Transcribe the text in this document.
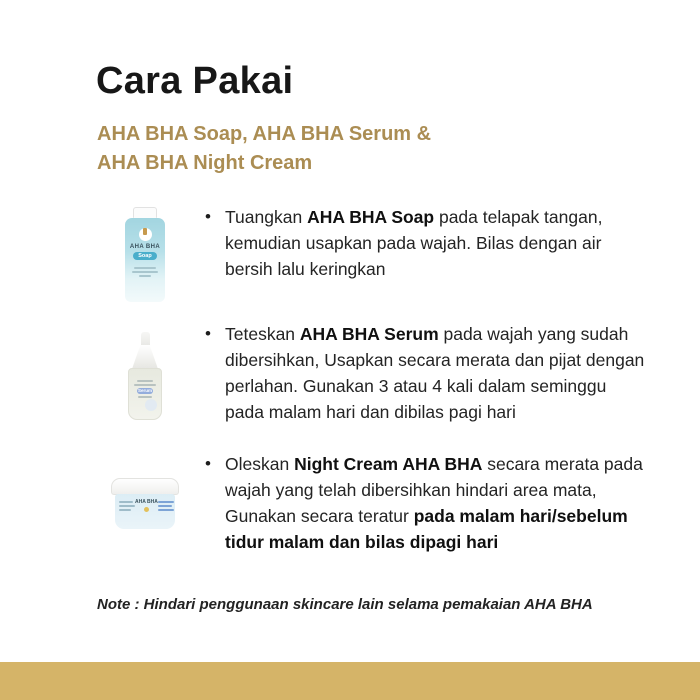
Cara Pakai
AHA BHA Soap, AHA BHA Serum &
AHA BHA Night Cream
AHA BHA
Soap
• Tuangkan AHA BHA Soap pada telapak tangan, kemudian usapkan pada wajah. Bilas dengan air bersih lalu keringkan

Serum
• Teteskan AHA BHA Serum pada wajah yang sudah dibersihkan, Usapkan secara merata dan pijat dengan perlahan. Gunakan 3 atau 4 kali dalam seminggu pada malam hari dan dibilas pagi hari

AHA BHA
• Oleskan Night Cream AHA BHA secara merata pada wajah yang telah dibersihkan hindari area mata, Gunakan secara teratur pada malam hari/sebelum tidur malam dan bilas dipagi hari

Note : Hindari penggunaan skincare lain selama pemakaian AHA BHA
